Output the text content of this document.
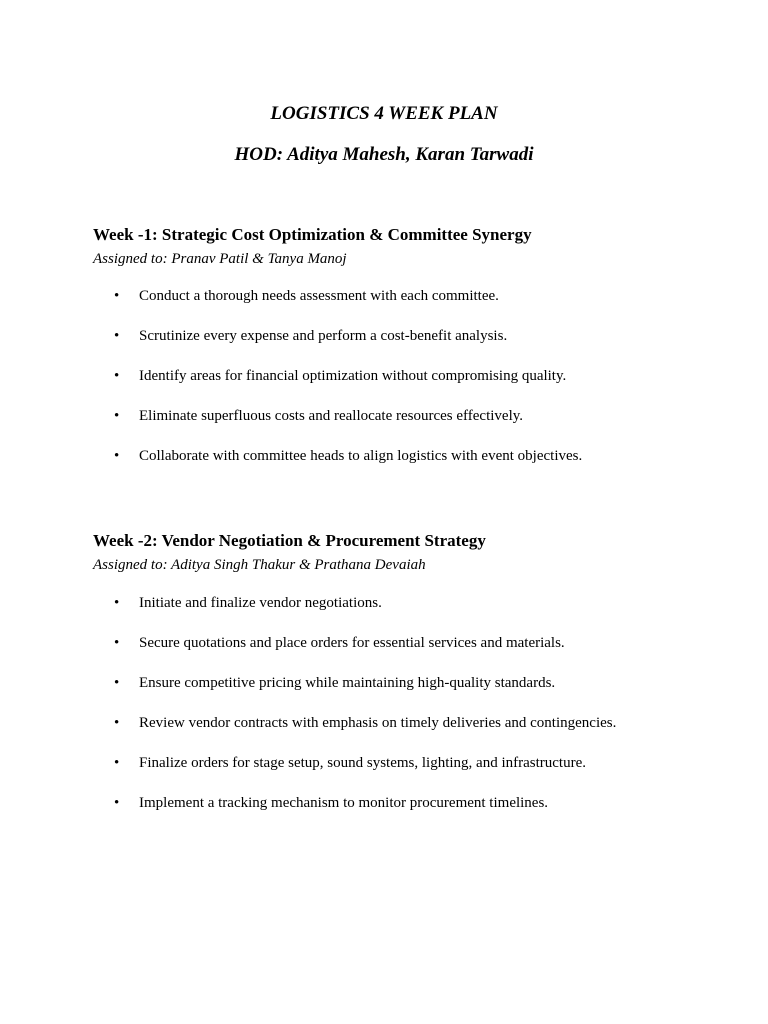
LOGISTICS 4 WEEK PLAN
HOD: Aditya Mahesh, Karan Tarwadi
Week -1: Strategic Cost Optimization & Committee Synergy

Assigned to: Pranav Patil & Tanya Manoj

• Conduct a thorough needs assessment with each committee.
• Scrutinize every expense and perform a cost-benefit analysis.
• Identify areas for financial optimization without compromising quality.
• Eliminate superfluous costs and reallocate resources effectively.
• Collaborate with committee heads to align logistics with event objectives.
Week -2: Vendor Negotiation & Procurement Strategy

Assigned to: Aditya Singh Thakur & Prathana Devaiah

• Initiate and finalize vendor negotiations.
• Secure quotations and place orders for essential services and materials.
• Ensure competitive pricing while maintaining high-quality standards.
• Review vendor contracts with emphasis on timely deliveries and contingencies.
• Finalize orders for stage setup, sound systems, lighting, and infrastructure.
• Implement a tracking mechanism to monitor procurement timelines.
